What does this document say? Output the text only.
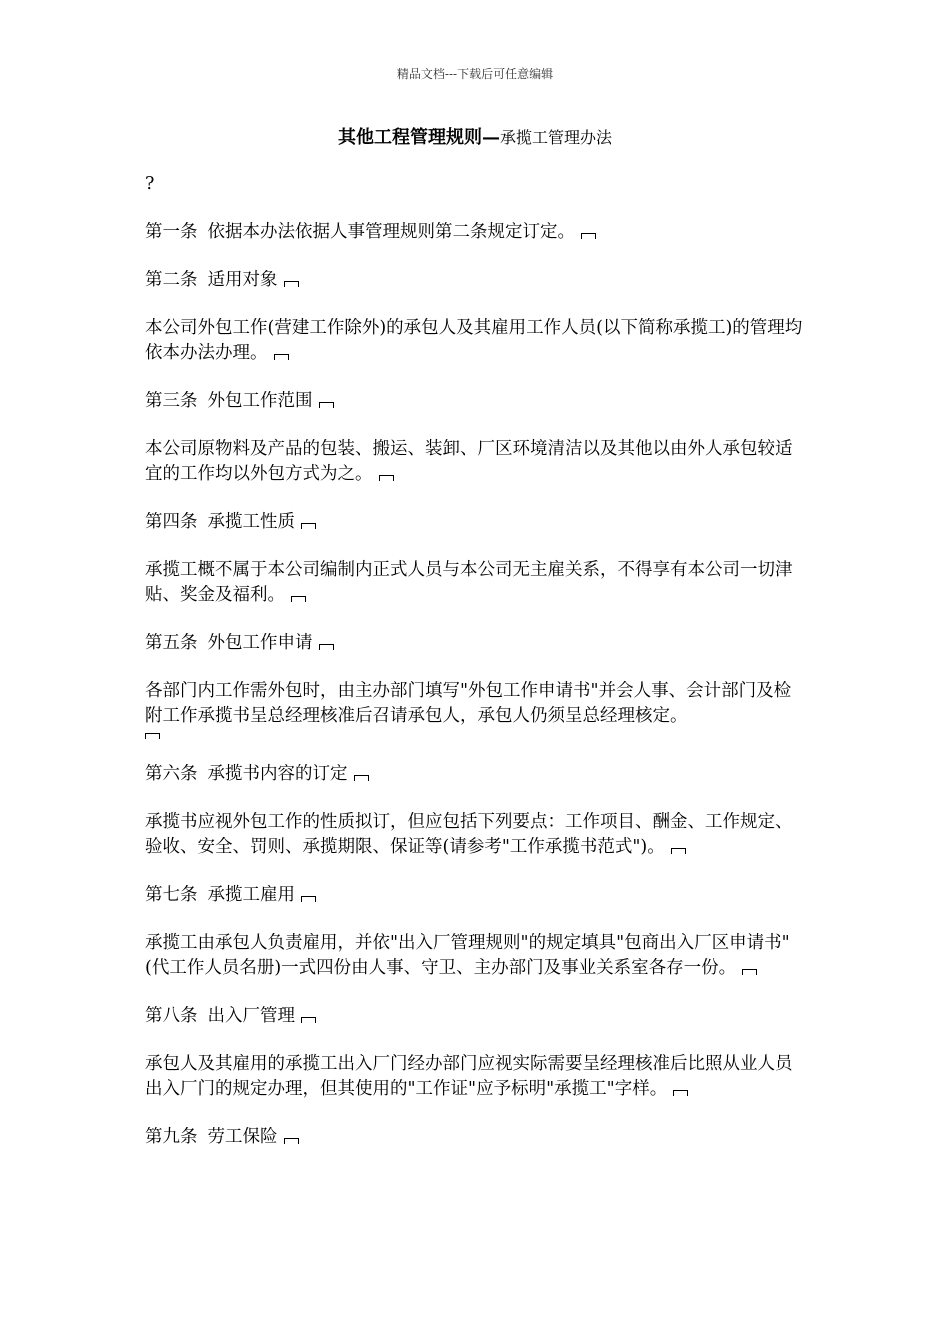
精品文档---下载后可任意编辑
其他工程管理规则—承揽工管理办法

?

第一条 依据本办法依据人事管理规则第二条规定订定。

第二条 适用对象

本公司外包工作(营建工作除外)的承包人及其雇用工作人员(以下简称承揽工)的管理均依本办法办理。

第三条 外包工作范围

本公司原物料及产品的包装、搬运、装卸、厂区环境清洁以及其他以由外人承包较适宜的工作均以外包方式为之。

第四条 承揽工性质

承揽工概不属于本公司编制内正式人员与本公司无主雇关系，不得享有本公司一切津贴、奖金及福利。

第五条 外包工作申请

各部门内工作需外包时，由主办部门填写"外包工作申请书"并会人事、会计部门及检附工作承揽书呈总经理核准后召请承包人，承包人仍须呈总经理核定。

第六条 承揽书内容的订定

承揽书应视外包工作的性质拟订，但应包括下列要点：工作项目、酬金、工作规定、验收、安全、罚则、承揽期限、保证等(请参考"工作承揽书范式")。

第七条 承揽工雇用

承揽工由承包人负责雇用，并依"出入厂管理规则"的规定填具"包商出入厂区申请书"(代工作人员名册)一式四份由人事、守卫、主办部门及事业关系室各存一份。

第八条 出入厂管理

承包人及其雇用的承揽工出入厂门经办部门应视实际需要呈经理核准后比照从业人员出入厂门的规定办理，但其使用的"工作证"应予标明"承揽工"字样。

第九条 劳工保险
